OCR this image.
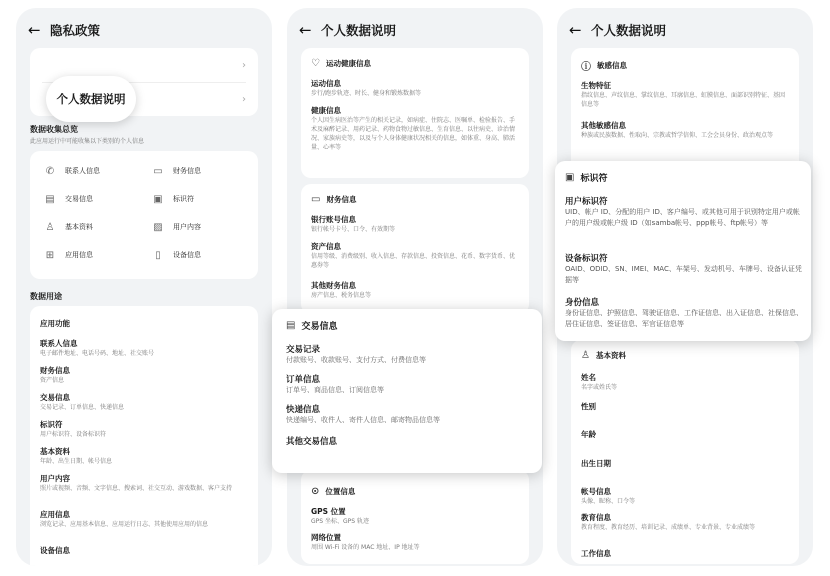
← 隐私政策
›
›
个人数据说明
数据收集总览
此应用运行中可能收集以下类别的个人信息
✆ 联系人信息	▭ 财务信息
▤ 交易信息	▣ 标识符
♙ 基本资料	▨ 用户内容
⊞ 应用信息	▯	设备信息
数据用途
应用功能
联系人信息
电子邮件地址、电话号码、地址、社交账号
财务信息
资产信息
交易信息
交易记录、订单信息、快递信息
标识符
用户标识符、设备标识符
基本资料
年龄、出生日期、帐号信息
用户内容
照片或视频、音频、文字信息、搜索词、社交互动、游戏数据、客户支持
应用信息
浏览记录、应用基本信息、应用运行日志、其他使用应用的信息
设备信息
← 个人数据说明
♡ 运动健康信息
运动信息
步行/跑步轨迹、时长、健身和锻炼数据等
健康信息
个人因生病医治等产生的相关记录，如病症、住院志、医嘱单、检验报告、手术及麻醉记录、用药记录、药物食物过敏信息、生育信息、以往病史、诊治情况、家族病史等，以及与个人身体健康状况相关的信息，如体重、身高、肺活量、心率等
▭ 财务信息
银行账号信息
银行帐号卡号、口令、有效期等
资产信息
信用等级、消费级别、收入信息、存款信息、投资信息、花币、数字货币、优惠券等
其他财务信息
房产信息、税务信息等
⊙ 位置信息
GPS 位置
GPS 坐标、GPS 轨迹
网络位置
周围 Wi-Fi 设备的 MAC 地址、IP 地址等
▤ 交易信息
交易记录
付款账号、收款账号、支付方式、付费信息等
订单信息
订单号、商品信息、订阅信息等
快递信息
快递编号、收件人、寄件人信息、邮寄物品信息等
其他交易信息
← 个人数据说明
ⓘ 敏感信息
生物特征
指纹信息、声纹信息、掌纹信息、耳廓信息、虹膜信息、面部识别特征、基因信息等
其他敏感信息
种族或民族数据、性取向、宗教或哲学信仰、工会会员身份、政治观点等
♙ 基本资料
姓名
名字或姓氏等
性别
年龄
出生日期
帐号信息
头像、昵称、口令等
教育信息
教育程度、教育经历、培训记录、成绩单、专业背景、专业成绩等
工作信息
▣ 标识符
用户标识符
UID、帐户 ID、分配的用户 ID、客户编号、或其他可用于识别特定用户或帐户的用户级或帐户级 ID（如samba帐号、ppp帐号、ftp帐号）等
设备标识符
OAID、ODID、SN、IMEI、MAC、车架号、发动机号、车牌号、设备认证凭据等
身份信息
身份证信息、护照信息、驾驶证信息、工作证信息、出入证信息、社保信息、居住证信息、签证信息、军官证信息等
